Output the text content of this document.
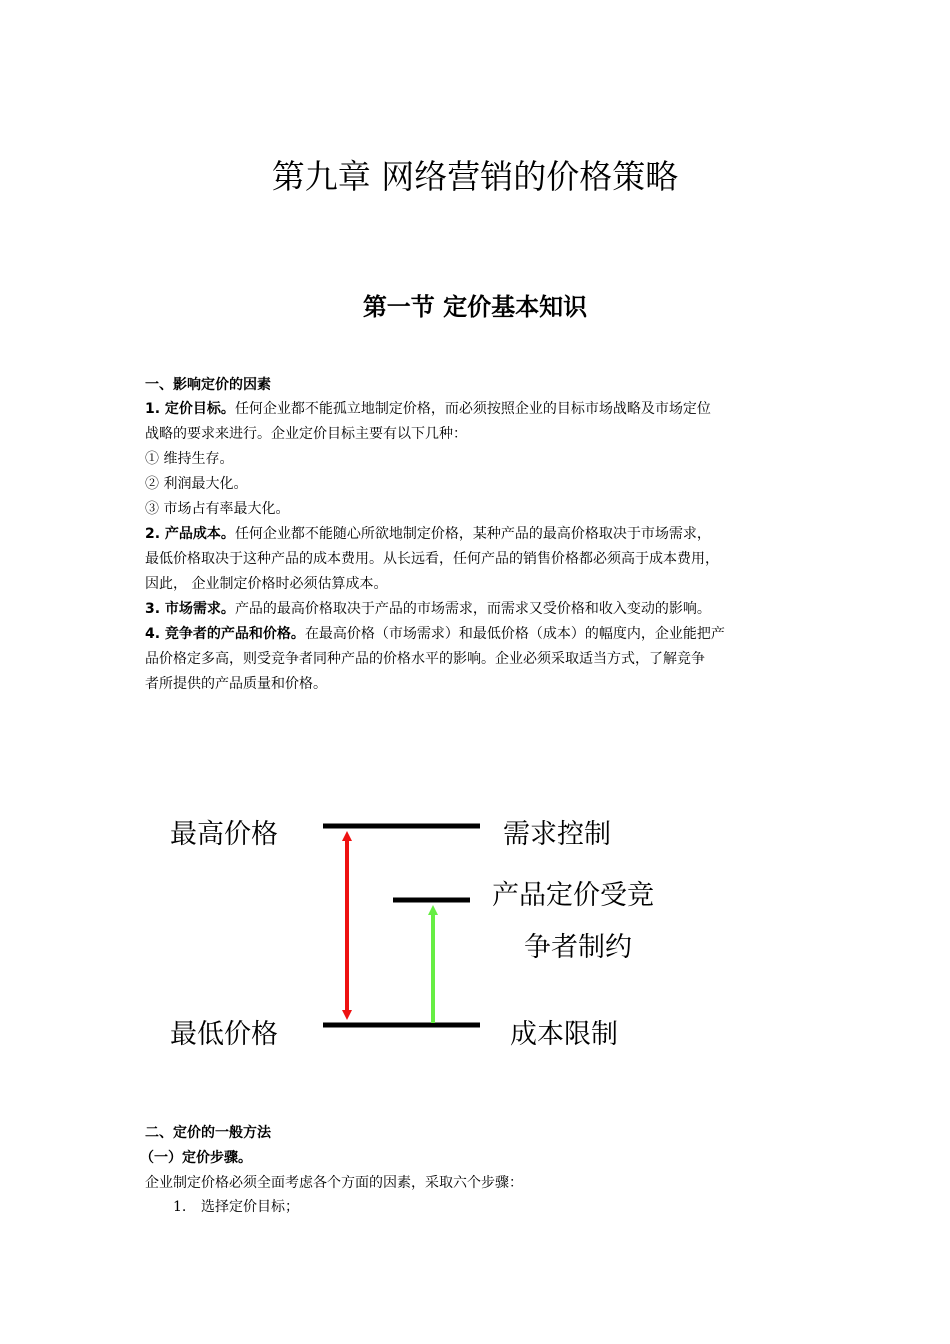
第九章 网络营销的价格策略
第一节 定价基本知识
一、影响定价的因素
1. 定价目标。任何企业都不能孤立地制定价格，而必须按照企业的目标市场战略及市场定位
战略的要求来进行。企业定价目标主要有以下几种：
① 维持生存。
② 利润最大化。
③ 市场占有率最大化。
2. 产品成本。任何企业都不能随心所欲地制定价格，某种产品的最高价格取决于市场需求，
最低价格取决于这种产品的成本费用。从长远看，任何产品的销售价格都必须高于成本费用，
因此， 企业制定价格时必须估算成本。
3. 市场需求。产品的最高价格取决于产品的市场需求，而需求又受价格和收入变动的影响。
4. 竞争者的产品和价格。在最高价格（市场需求）和最低价格（成本）的幅度内，企业能把产
品价格定多高，则受竞争者同种产品的价格水平的影响。企业必须采取适当方式，了解竞争
者所提供的产品质量和价格。
最高价格
最低价格
需求控制
产品定价受竞
争者制约
成本限制
二、定价的一般方法
（一）定价步骤。
企业制定价格必须全面考虑各个方面的因素，采取六个步骤：
1. 选择定价目标；
